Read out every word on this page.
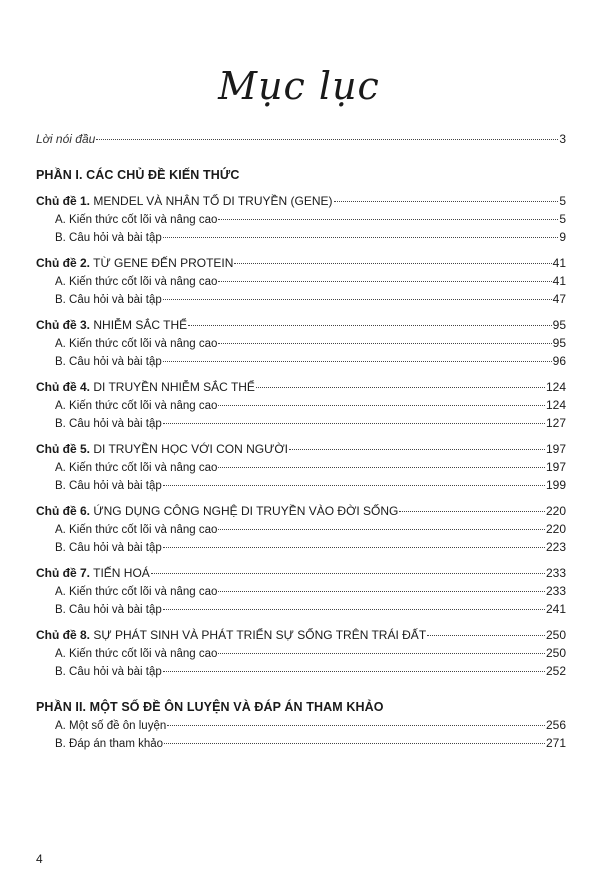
Mục lục
Lời nói đầu	3
PHẦN I. CÁC CHỦ ĐỀ KIẾN THỨC
Chủ đề 1. MENDEL VÀ NHÂN TỐ DI TRUYỀN (GENE)	5
A. Kiến thức cốt lõi và nâng cao	5
B. Câu hỏi và bài tập	9
Chủ đề 2. TỪ GENE ĐẾN PROTEIN	41
A. Kiến thức cốt lõi và nâng cao	41
B. Câu hỏi và bài tập	47
Chủ đề 3. NHIỄM SẮC THỂ	95
A. Kiến thức cốt lõi và nâng cao	95
B. Câu hỏi và bài tập	96
Chủ đề 4. DI TRUYỀN NHIỄM SẮC THỂ	124
A. Kiến thức cốt lõi và nâng cao	124
B. Câu hỏi và bài tập	127
Chủ đề 5. DI TRUYỀN HỌC VỚI CON NGƯỜI	197
A. Kiến thức cốt lõi và nâng cao	197
B. Câu hỏi và bài tập	199
Chủ đề 6. ỨNG DỤNG CÔNG NGHỆ DI TRUYỀN VÀO ĐỜI SỐNG	220
A. Kiến thức cốt lõi và nâng cao	220
B. Câu hỏi và bài tập	223
Chủ đề 7. TIẾN HOÁ	233
A. Kiến thức cốt lõi và nâng cao	233
B. Câu hỏi và bài tập	241
Chủ đề 8. SỰ PHÁT SINH VÀ PHÁT TRIỂN SỰ SỐNG TRÊN TRÁI ĐẤT	250
A. Kiến thức cốt lõi và nâng cao	250
B. Câu hỏi và bài tập	252
PHẦN II. MỘT SỐ ĐỀ ÔN LUYỆN VÀ ĐÁP ÁN THAM KHẢO
A. Một số đề ôn luyện	256
B. Đáp án tham khảo	271
4
